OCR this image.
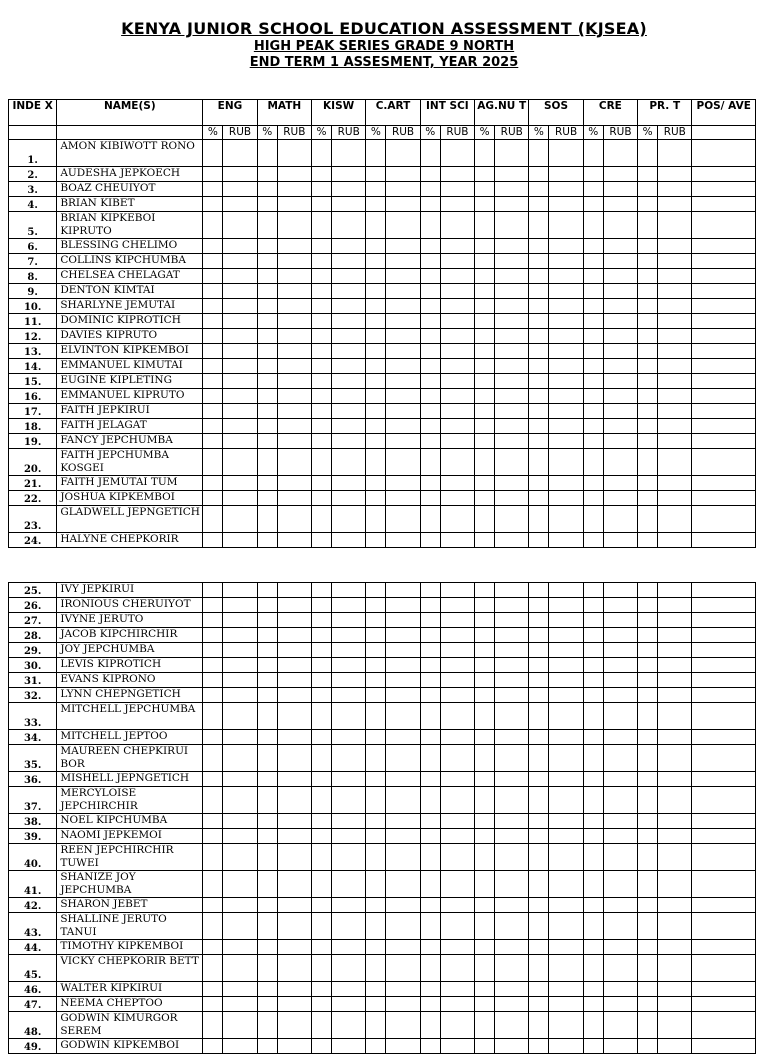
KENYA JUNIOR SCHOOL EDUCATION ASSESSMENT (KJSEA)
HIGH PEAK SERIES GRADE 9 NORTH
END TERM 1 ASSESMENT, YEAR 2025
INDE X	NAME(S)	ENG		MATH		KISW		C.ART		INT SCI		AG.NU T		SOS		CRE		PR. T		POS/ AVE
		%	RUB	%	RUB	%	RUB	%	RUB	%	RUB	%	RUB	%	RUB	%	RUB	%	RUB	
1.	AMON KIBIWOTT RONO																			
2.	AUDESHA JEPKOECH																			
3.	BOAZ CHEUIYOT																			
4.	BRIAN KIBET																			
5.	BRIAN KIPKEBOI KIPRUTO																			
6.	BLESSING CHELIMO																			
7.	COLLINS KIPCHUMBA																			
8.	CHELSEA CHELAGAT																			
9.	DENTON KIMTAI																			
10.	SHARLYNE JEMUTAI																			
11.	DOMINIC KIPROTICH																			
12.	DAVIES KIPRUTO																			
13.	ELVINTON KIPKEMBOI																			
14.	EMMANUEL KIMUTAI																			
15.	EUGINE KIPLETING																			
16.	EMMANUEL KIPRUTO																			
17.	FAITH JEPKIRUI																			
18.	FAITH JELAGAT																			
19.	FANCY JEPCHUMBA																			
20.	FAITH JEPCHUMBA KOSGEI																			
21.	FAITH JEMUTAI TUM																			
22.	JOSHUA KIPKEMBOI																			
23.	GLADWELL JEPNGETICH																			
24.	HALYNE CHEPKORIR																			
25.	IVY JEPKIRUI																			
26.	IRONIOUS CHERUIYOT																			
27.	IVYNE JERUTO																			
28.	JACOB KIPCHIRCHIR																			
29.	JOY JEPCHUMBA																			
30.	LEVIS KIPROTICH																			
31.	EVANS KIPRONO																			
32.	LYNN CHEPNGETICH																			
33.	MITCHELL JEPCHUMBA																			
34.	MITCHELL JEPTOO																			
35.	MAUREEN CHEPKIRUI BOR																			
36.	MISHELL JEPNGETICH																			
37.	MERCYLOISE JEPCHIRCHIR																			
38.	NOEL KIPCHUMBA																			
39.	NAOMI JEPKEMOI																			
40.	REEN JEPCHIRCHIR TUWEI																			
41.	SHANIZE JOY JEPCHUMBA																			
42.	SHARON JEBET																			
43.	SHALLINE JERUTO TANUI																			
44.	TIMOTHY KIPKEMBOI																			
45.	VICKY CHEPKORIR BETT																			
46.	WALTER KIPKIRUI																			
47.	NEEMA CHEPTOO																			
48.	GODWIN KIMURGOR SEREM																			
49.	GODWIN KIPKEMBOI																			
